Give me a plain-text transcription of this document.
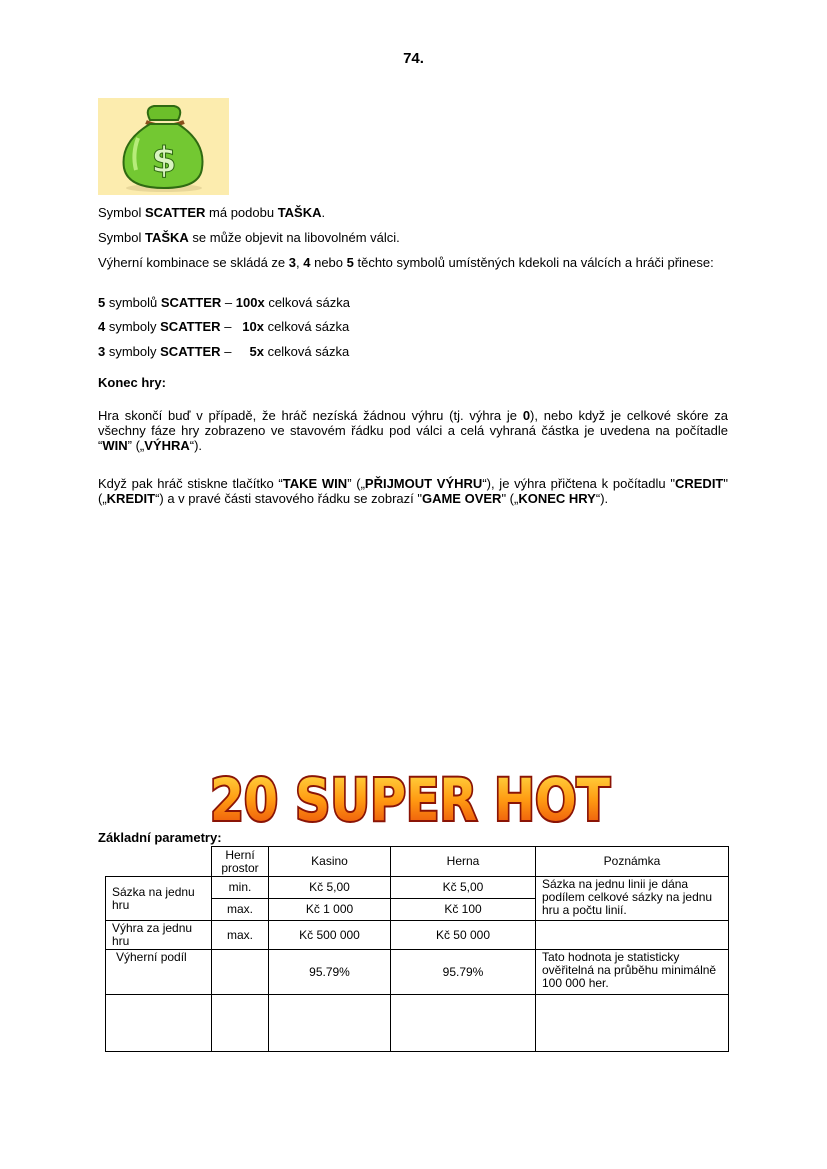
74.
$
Symbol SCATTER má podobu TAŠKA.
Symbol TAŠKA se může objevit na libovolném válci.
Výherní kombinace se skládá ze 3, 4 nebo 5 těchto symbolů umístěných kdekoli na válcích a hráči přinese:
5 symbolů SCATTER – 100x celková sázka
4 symboly SCATTER –   10x celková sázka
3 symboly SCATTER –     5x celková sázka
Konec hry:
Hra skončí buď v případě, že hráč nezíská žádnou výhru (tj. výhra je 0), nebo když je celkové skóre za všechny fáze hry zobrazeno ve stavovém řádku pod válci a celá vyhraná částka je uvedena na počítadle “WIN” („VÝHRA“).
Když pak hráč stiskne tlačítko “TAKE WIN” („PŘIJMOUT VÝHRU“), je výhra přičtena k počítadlu "CREDIT" („KREDIT“) a v pravé části stavového řádku se zobrazí "GAME OVER" („KONEC HRY“).
20 SUPER HOT
Základní parametry:
	Herní prostor	Kasino	Herna	Poznámka
Sázka na jednu hru	min.	Kč 5,00	Kč 5,00	Sázka na jednu linii je dána podílem celkové sázky na jednu hru a počtu linií.
	max.	Kč 1 000	Kč 100	
Výhra za jednu hru	max.	Kč 500 000	Kč 50 000	
Výherní podíl		95.79%	95.79%	Tato hodnota je statisticky ověřitelná na průběhu minimálně 100 000 her.
